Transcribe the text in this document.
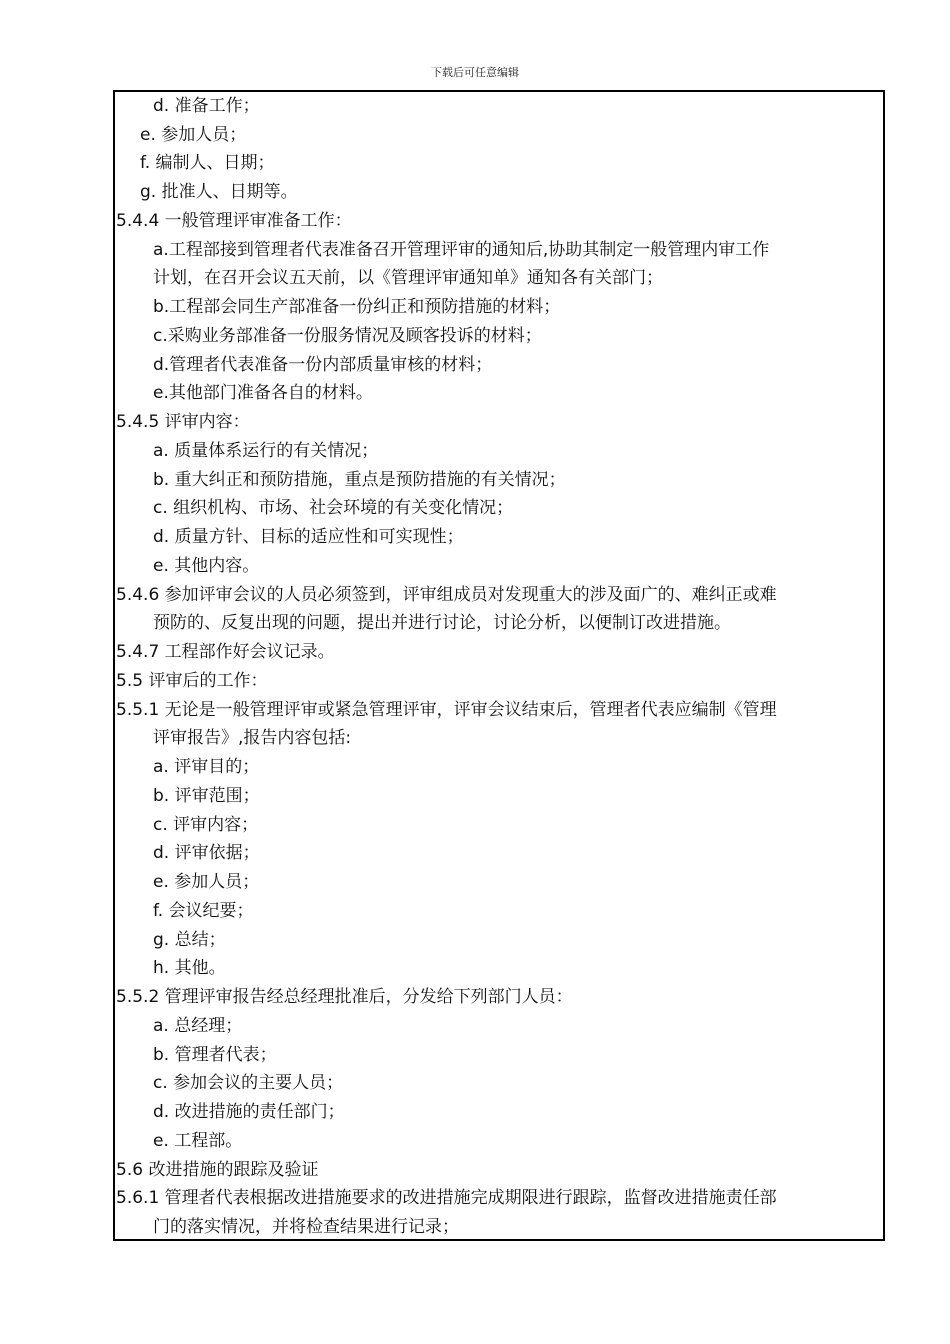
下载后可任意编辑
d. 准备工作；
e. 参加人员；
f. 编制人、日期；
g. 批准人、日期等。
5.4.4 一般管理评审准备工作：
a.工程部接到管理者代表准备召开管理评审的通知后,协助其制定一般管理内审工作
计划，在召开会议五天前，以《管理评审通知单》通知各有关部门；
b.工程部会同生产部准备一份纠正和预防措施的材料；
c.采购业务部准备一份服务情况及顾客投诉的材料；
d.管理者代表准备一份内部质量审核的材料；
e.其他部门准备各自的材料。
5.4.5 评审内容：
a. 质量体系运行的有关情况；
b. 重大纠正和预防措施，重点是预防措施的有关情况；
c. 组织机构、市场、社会环境的有关变化情况；
d. 质量方针、目标的适应性和可实现性；
e. 其他内容。
5.4.6 参加评审会议的人员必须签到，评审组成员对发现重大的涉及面广的、难纠正或难
预防的、反复出现的问题，提出并进行讨论，讨论分析，以便制订改进措施。
5.4.7 工程部作好会议记录。
5.5 评审后的工作：
5.5.1 无论是一般管理评审或紧急管理评审，评审会议结束后，管理者代表应编制《管理
评审报告》,报告内容包括:
a. 评审目的；
b. 评审范围；
c. 评审内容；
d. 评审依据；
e. 参加人员；
f. 会议纪要；
g. 总结；
h. 其他。
5.5.2 管理评审报告经总经理批准后，分发给下列部门人员：
a. 总经理；
b. 管理者代表；
c. 参加会议的主要人员；
d. 改进措施的责任部门；
e. 工程部。
5.6 改进措施的跟踪及验证
5.6.1 管理者代表根据改进措施要求的改进措施完成期限进行跟踪，监督改进措施责任部
门的落实情况，并将检查结果进行记录；
